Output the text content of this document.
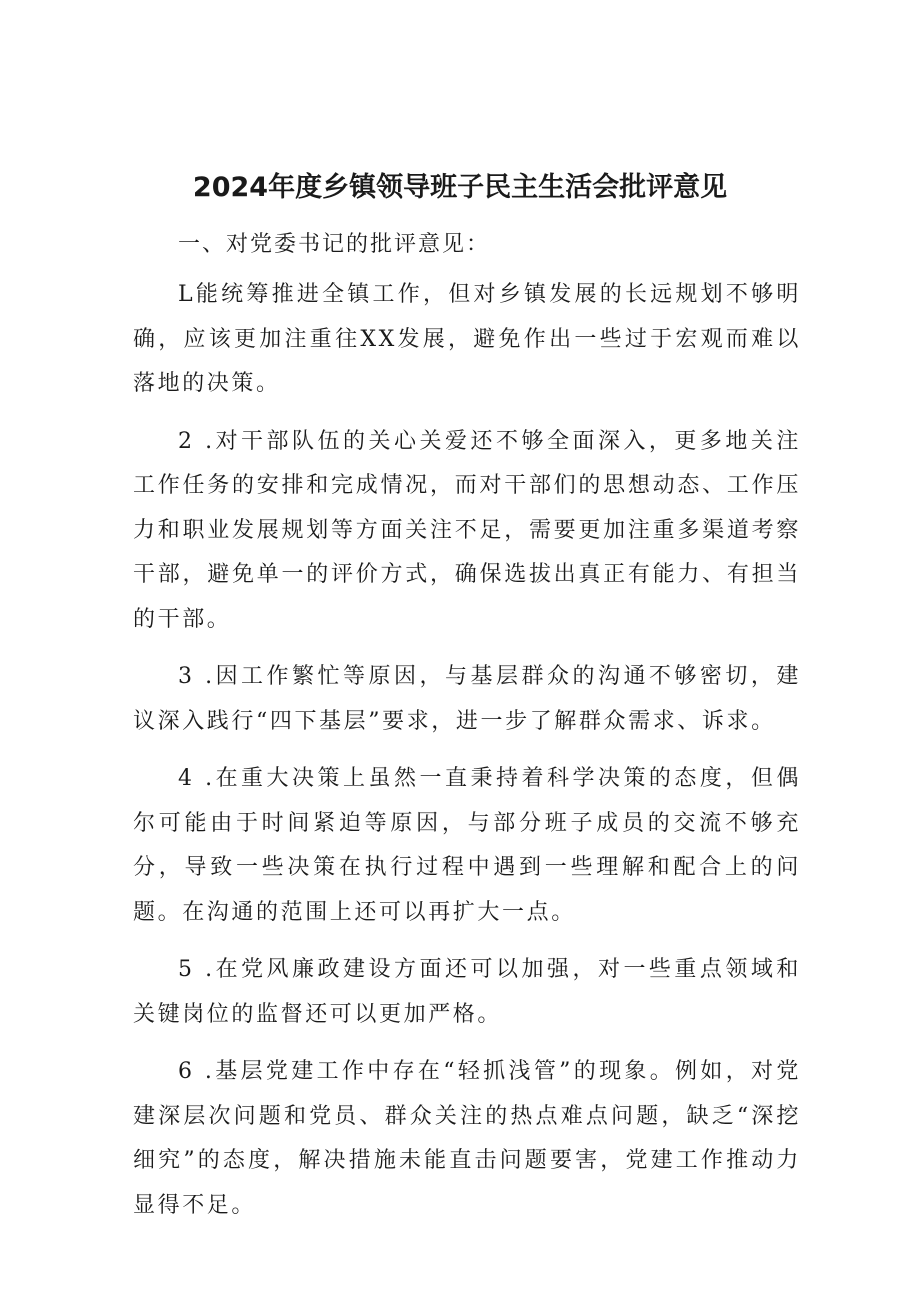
2024年度乡镇领导班子民主生活会批评意见

一、对党委书记的批评意见：

L能统筹推进全镇工作，但对乡镇发展的长远规划不够明确，应该更加注重往XX发展，避免作出一些过于宏观而难以落地的决策。

2 .对干部队伍的关心关爱还不够全面深入，更多地关注工作任务的安排和完成情况，而对干部们的思想动态、工作压力和职业发展规划等方面关注不足，需要更加注重多渠道考察干部，避免单一的评价方式，确保选拔出真正有能力、有担当的干部。

3 .因工作繁忙等原因，与基层群众的沟通不够密切，建议深入践行“四下基层”要求，进一步了解群众需求、诉求。

4 .在重大决策上虽然一直秉持着科学决策的态度，但偶尔可能由于时间紧迫等原因，与部分班子成员的交流不够充分，导致一些决策在执行过程中遇到一些理解和配合上的问题。在沟通的范围上还可以再扩大一点。

5 .在党风廉政建设方面还可以加强，对一些重点领域和关键岗位的监督还可以更加严格。

6 .基层党建工作中存在“轻抓浅管”的现象。例如，对党建深层次问题和党员、群众关注的热点难点问题，缺乏“深挖细究”的态度，解决措施未能直击问题要害，党建工作推动力显得不足。
